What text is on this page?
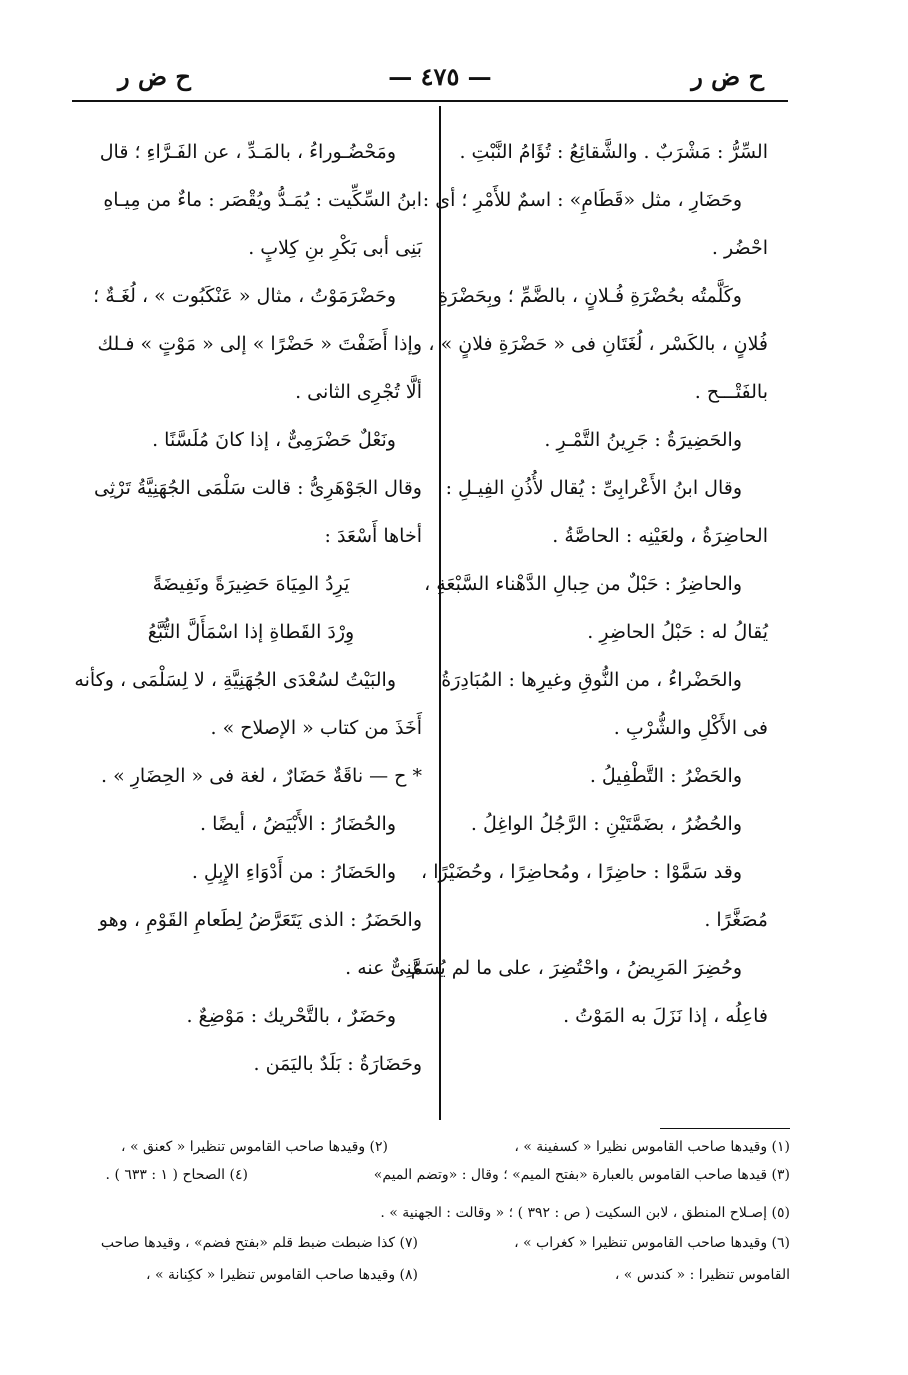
ح ض ر
— ٤٧٥ —
ح ض ر
السِّرُّ : مَشْرَبٌ . والشَّقائِعُ : تُؤَامُ النَّبْتِ .
وحَضَارِ ، مثل «قَطَامِ» : اسمٌ للأَمْرِ ؛ أى :
احْضُر .
وكَلَّمتُه بحُضْرَةِ فُـلانٍ ، بالضَّمِّ ؛ وبِحَضْرَةِ
فُلانٍ ، بالكَسْر ، لُغَتَانِ فى « حَضْرَةِ فلانٍ » ،
بالفَتْـــح .
والحَضِيرَةُ : جَرِينُ التَّمْـرِ .
وقال ابنُ الأَعْرابِىِّ : يُقال لأُذُنِ الفِيـلِ :
الحاضِرَةُ ، ولعَيْنِه : الحاصَّةُ .
والحاضِرُ : حَبْلٌ من حِبالِ الدَّهْناء السَّبْعَةِ ،
يُقالُ له : حَبْلُ الحاضِرِ .
والحَضْراءُ ، من النُّوقِ وغيرِها : المُبَادِرَةُ
فى الأَكْلِ والشُّرْبِ .
والحَضْرُ : التَّطْفِيلُ .
والحُضُرُ ، بضَمَّتَيْنِ : الرَّجُلُ الواغِلُ .
وقد سَمَّوْا : حاضِرًا ، ومُحاضِرًا ، وحُضَيْرًا ،
مُصَغَّرًا .
وحُضِرَ المَرِيضُ ، واحْتُضِرَ ، على ما لم يُسَمَّ
فاعِلُه ، إذا نَزَلَ به المَوْتُ .
ومَحْضُـوراءُ ، بالمَـدِّ ، عن الفَـرَّاءِ ؛ قال
ابنُ السِّكِّيت : يُمَـدُّ ويُقْصَر : ماءٌ من مِيـاهِ
بَنِى أبى بَكْرِ بنِ كِلابٍ .
وحَضْرَمَوْتُ ، مثال « عَنْكَبُوت » ، لُغَـةٌ ؛
وإذا أَضَفْتَ « حَضْرًا » إلى « مَوْتٍ » فـلك
ألَّا تُجْرِى الثانى .
ونَعْلٌ حَضْرَمِىٌّ ، إذا كانَ مُلَسَّنًا .
وقال الجَوْهَرِىُّ : قالت سَلْمَى الجُهَنِيَّةُ تَرْثِى
أخاها أَسْعَدَ :
يَرِدُ المِيَاهَ حَضِيرَةً ونَفِيضَةً
وِرْدَ القَطاةِ إذا اسْمَأَلَّ التُّبَّعُ
والبَيْتُ لسُعْدَى الجُهَنِيَّةِ ، لا لِسَلْمَى ، وكأنه
أَخَذَ من كتاب « الإصلاح » .
* ح — ناقَةٌ حَضَارٌ ، لغة فى « الحِضَارِ » .
والحُضَارُ : الأَبْيَضُ ، أيضًا .
والحَضَارُ : من أَدْوَاءِ الإِبِلِ .
والحَضَرُ : الذى يَتَعَرَّضُ لِطَعامِ القَوْمِ ، وهو
غَنِىٌّ عنه .
وحَضَرٌ ، بالتَّحْريك : مَوْضِعٌ .
وحَضَارَةُ : بَلَدٌ باليَمَن .
(١) وقيدها صاحب القاموس نظيرا « كسفينة » ،
(٢) وقيدها صاحب القاموس تنظيرا « كعنق » ،
(٣) قيدها صاحب القاموس بالعبارة «بفتح الميم» ؛ وقال : «وتضم الميم»
(٤) الصحاح ( ١ : ٦٣٣ ) .
(٥) إصـلاح المنطق ، لابن السكيت ( ص : ٣٩٢ ) ؛ « وقالت : الجهنية » .
(٦) وقيدها صاحب القاموس تنظيرا « كغراب » ،
(٧) كذا ضبطت ضبط قلم «بفتح فضم» ، وقيدها صاحب
القاموس تنظيرا : « كندس » ،
(٨) وقيدها صاحب القاموس تنظيرا « ككِنانة » ،
